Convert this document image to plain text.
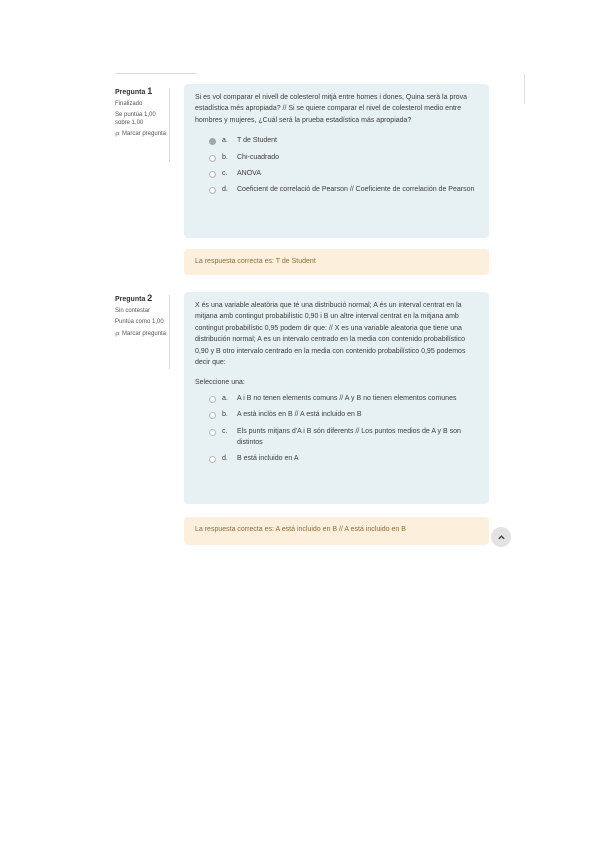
Pregunta 1
Finalizado
Se puntúa 1,00 sobre 1,00
Marcar pregunta
Si es vol comparar el nivell de colesterol mitjà entre homes i dones, Quina serà la prova estadística més apropiada? // Si se quiere comparar el nivel de colesterol medio entre hombres y mujeres, ¿Cuál será la prueba estadística más apropiada?
a.	T de Student
b.	Chi-cuadrado
c.	ANOVA
d.	Coeficient de correlació de Pearson // Coeficiente de correlación de Pearson
La respuesta correcta es: T de Student
Pregunta 2
Sin contestar
Puntúa como 1,00
Marcar pregunta
X és una variable aleatòria que té una distribució normal; A és un interval centrat en la mitjana amb contingut probabilístic 0,90 i B un altre interval centrat en la mitjana amb contingut probabilístic 0,95 podem dir que: // X es una variable aleatoria que tiene una distribución normal; A es un intervalo centrado en la media con contenido probabilístico 0,90 y B otro intervalo centrado en la media con contenido probabilístico 0,95 podemos decir que:
Seleccione una:
a.	A i B no tenen elements comuns // A y B no tienen elementos comunes
b.	A està inclòs en B // A está incluido en B
c.	Els punts mitjans d'A i B són diferents // Los puntos medios de A y B son distintos
d.	B está incluido en A
La respuesta correcta es: A está incluido en B // A está incluido en B
